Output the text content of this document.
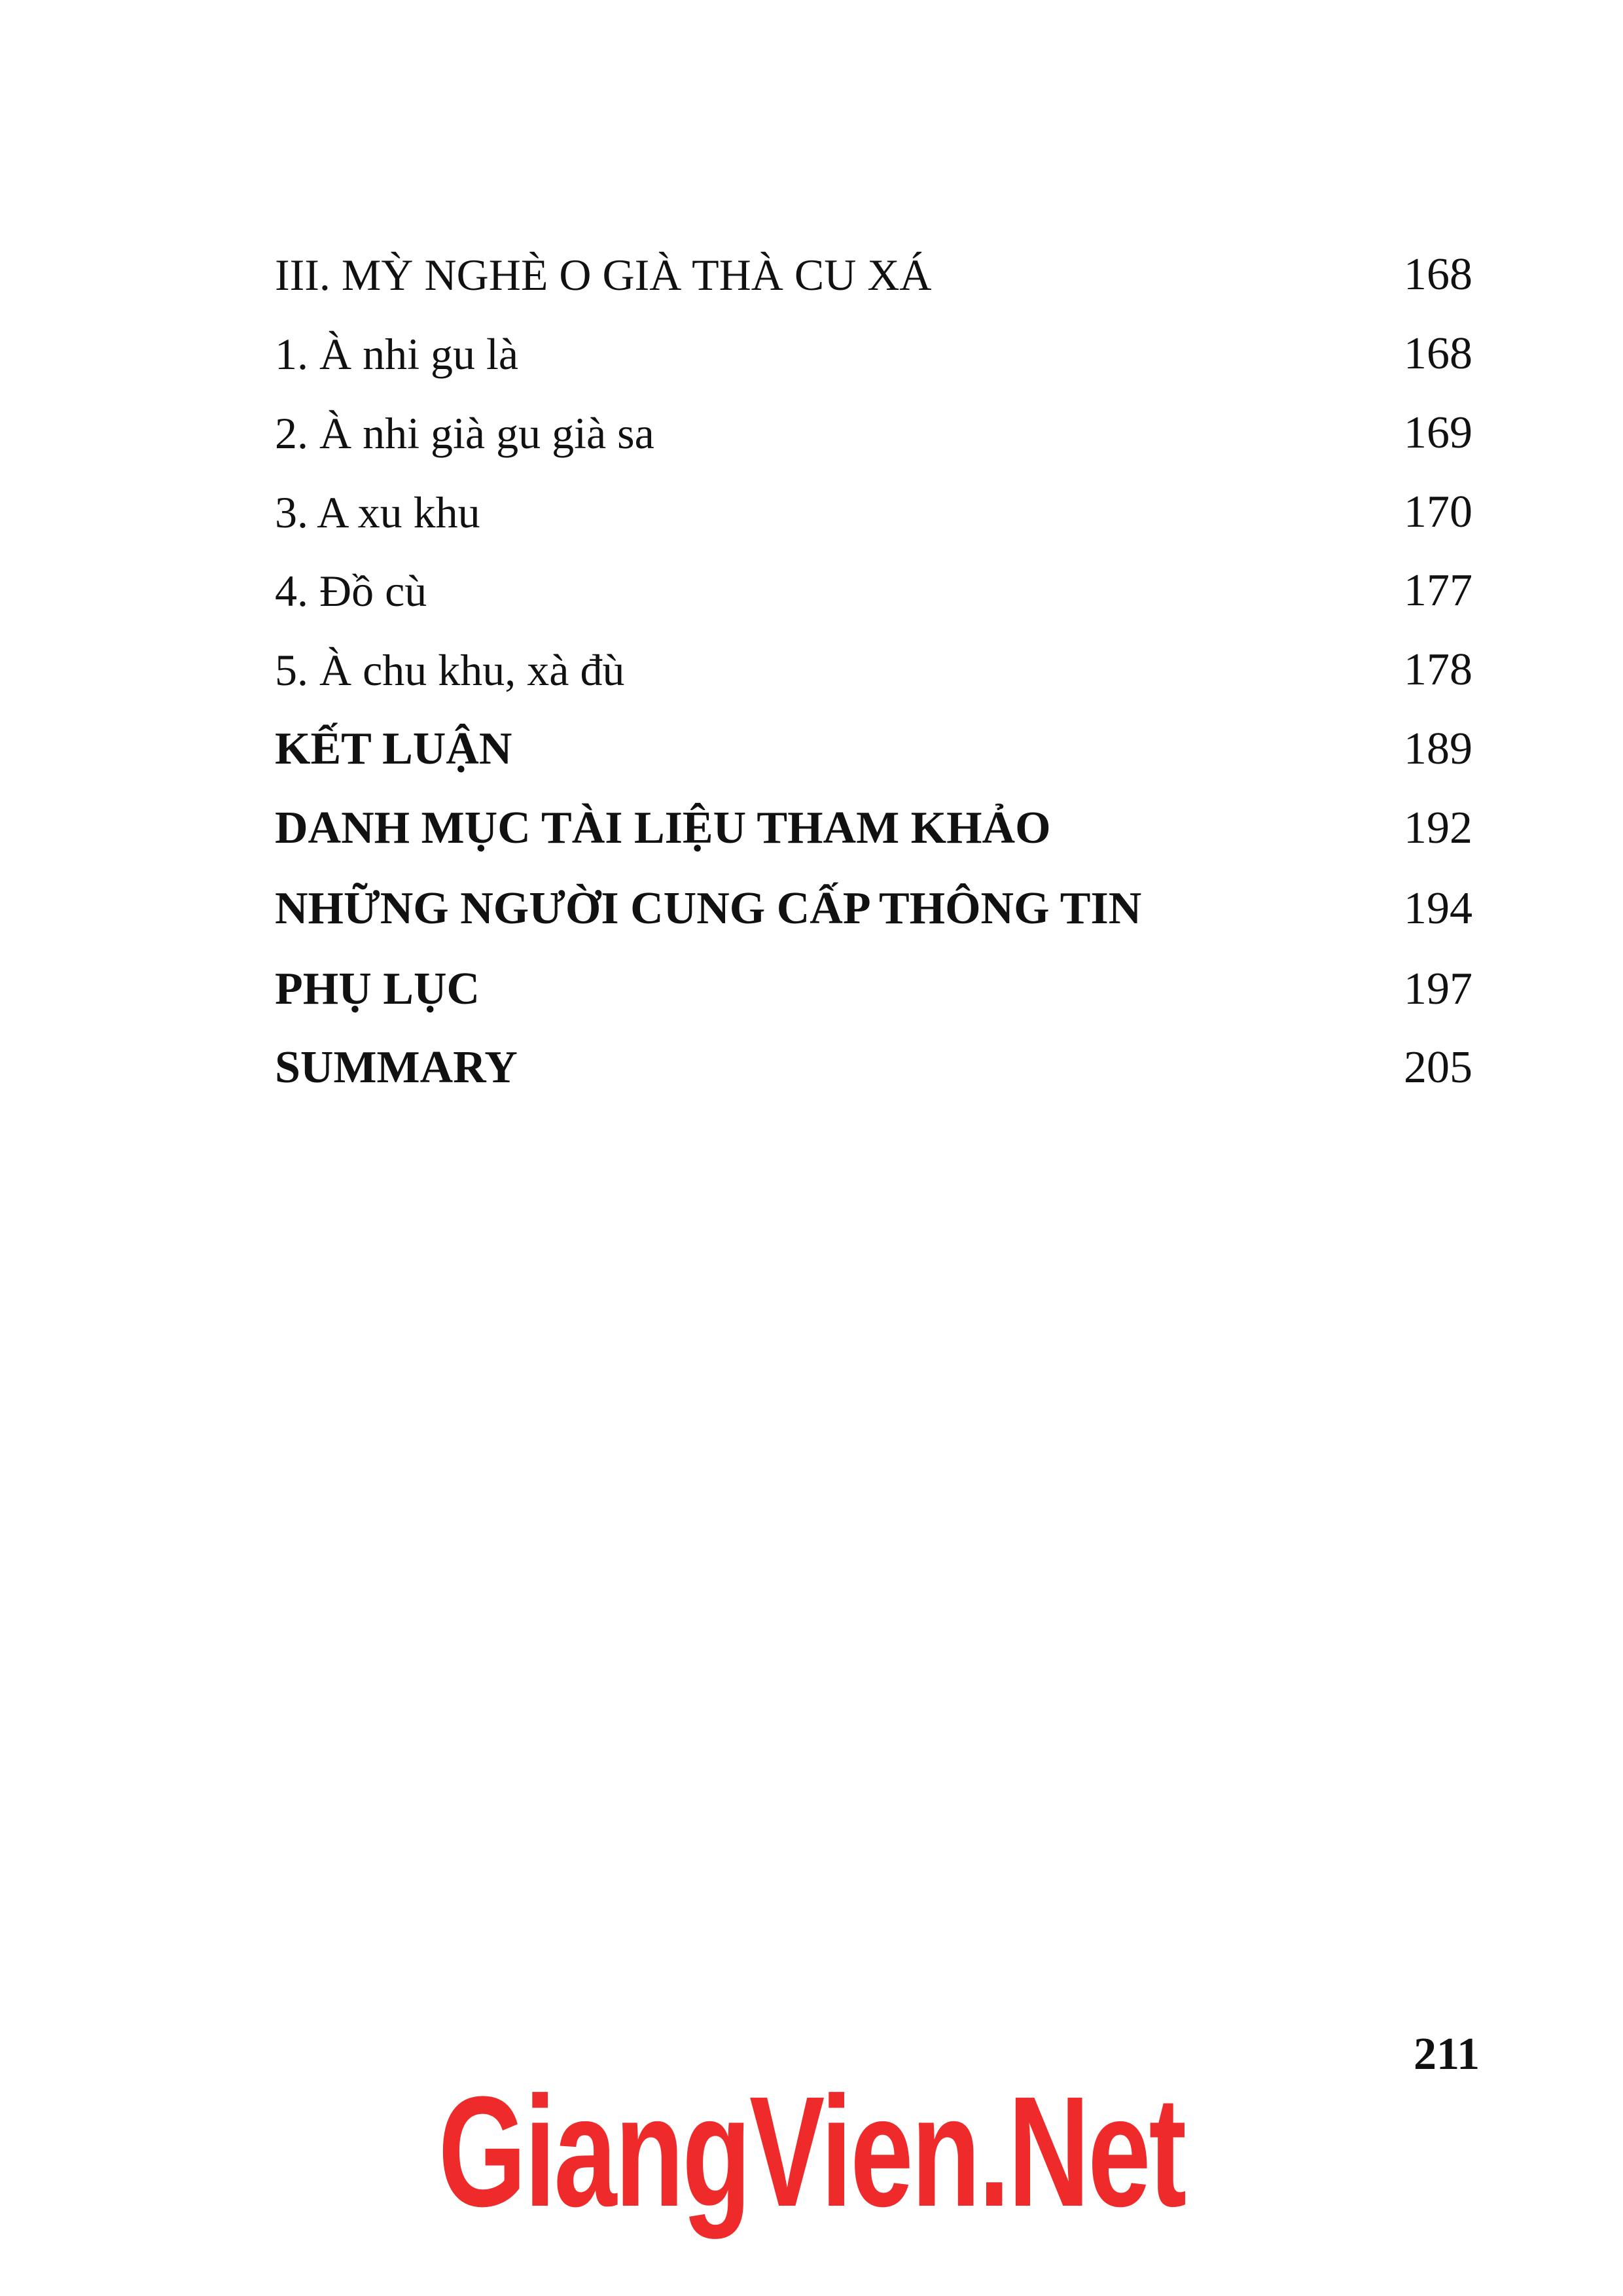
III. MỲ NGHÈ O GIÀ THÀ CU XÁ	168
1. À nhi gu là	168
2. À nhi già gu già sa	169
3. A xu khu	170
4. Đồ cù	177
5. À chu khu, xà đù	178
KẾT LUẬN	189
DANH MỤC TÀI LIỆU THAM KHẢO	192
NHỮNG NGƯỜI CUNG CẤP THÔNG TIN	194
PHỤ LỤC	197
SUMMARY	205
211
GiangVien.Net
